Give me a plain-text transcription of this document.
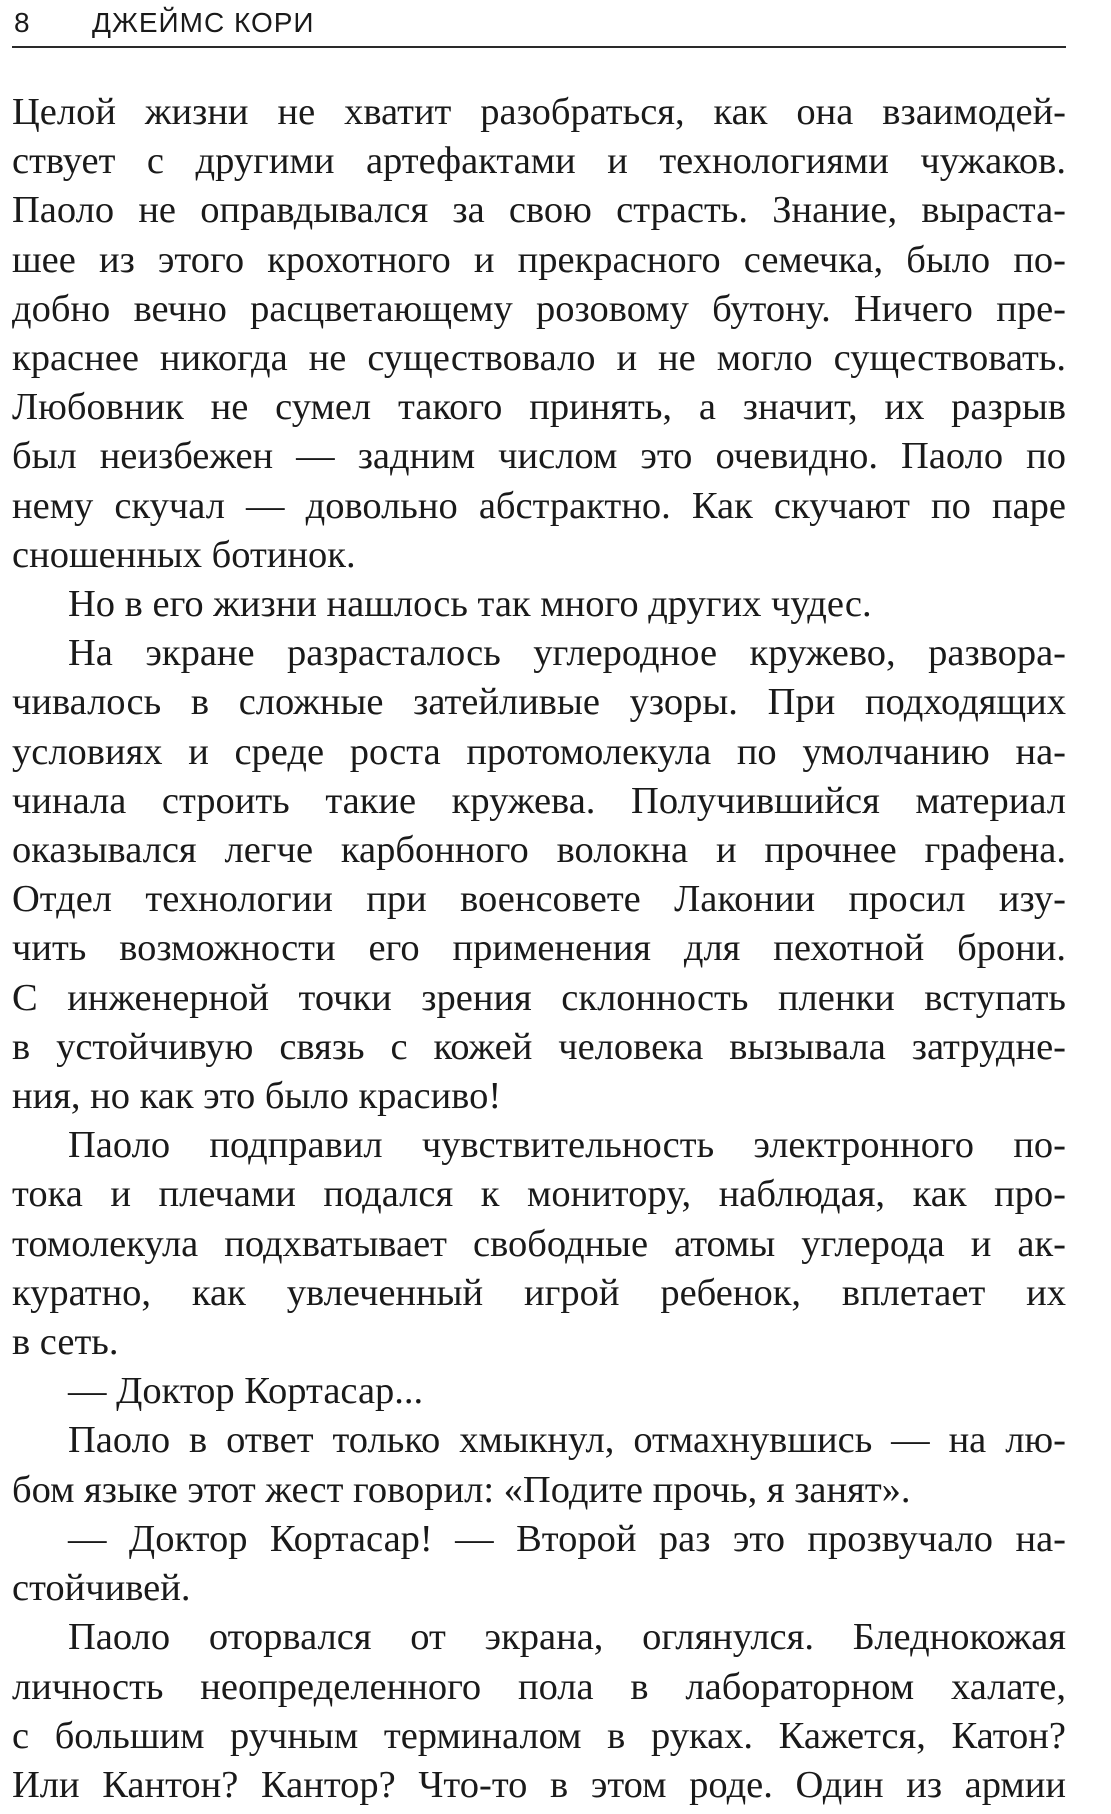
8 ДЖЕЙМС КОРИ
Целой жизни не хватит разобраться, как она взаимодей-
ствует с другими артефактами и технологиями чужаков.
Паоло не оправдывался за свою страсть. Знание, выраста-
шее из этого крохотного и прекрасного семечка, было по-
добно вечно расцветающему розовому бутону. Ничего пре-
краснее никогда не существовало и не могло существовать.
Любовник не сумел такого принять, а значит, их разрыв
был неизбежен — задним числом это очевидно. Паоло по
нему скучал — довольно абстрактно. Как скучают по паре
сношенных ботинок.
Но в его жизни нашлось так много других чудес.
На экране разрасталось углеродное кружево, развора-
чивалось в сложные затейливые узоры. При подходящих
условиях и среде роста протомолекула по умолчанию на-
чинала строить такие кружева. Получившийся материал
оказывался легче карбонного волокна и прочнее графена.
Отдел технологии при военсовете Лаконии просил изу-
чить возможности его применения для пехотной брони.
С инженерной точки зрения склонность пленки вступать
в устойчивую связь с кожей человека вызывала затрудне-
ния, но как это было красиво!
Паоло подправил чувствительность электронного по-
тока и плечами подался к монитору, наблюдая, как про-
томолекула подхватывает свободные атомы углерода и ак-
куратно, как увлеченный игрой ребенок, вплетает их
в сеть.
— Доктор Кортасар...
Паоло в ответ только хмыкнул, отмахнувшись — на лю-
бом языке этот жест говорил: «Подите прочь, я занят».
— Доктор Кортасар! — Второй раз это прозвучало на-
стойчивей.
Паоло оторвался от экрана, оглянулся. Бледнокожая
личность неопределенного пола в лабораторном халате,
с большим ручным терминалом в руках. Кажется, Катон?
Или Кантон? Кантор? Что-то в этом роде. Один из армии
